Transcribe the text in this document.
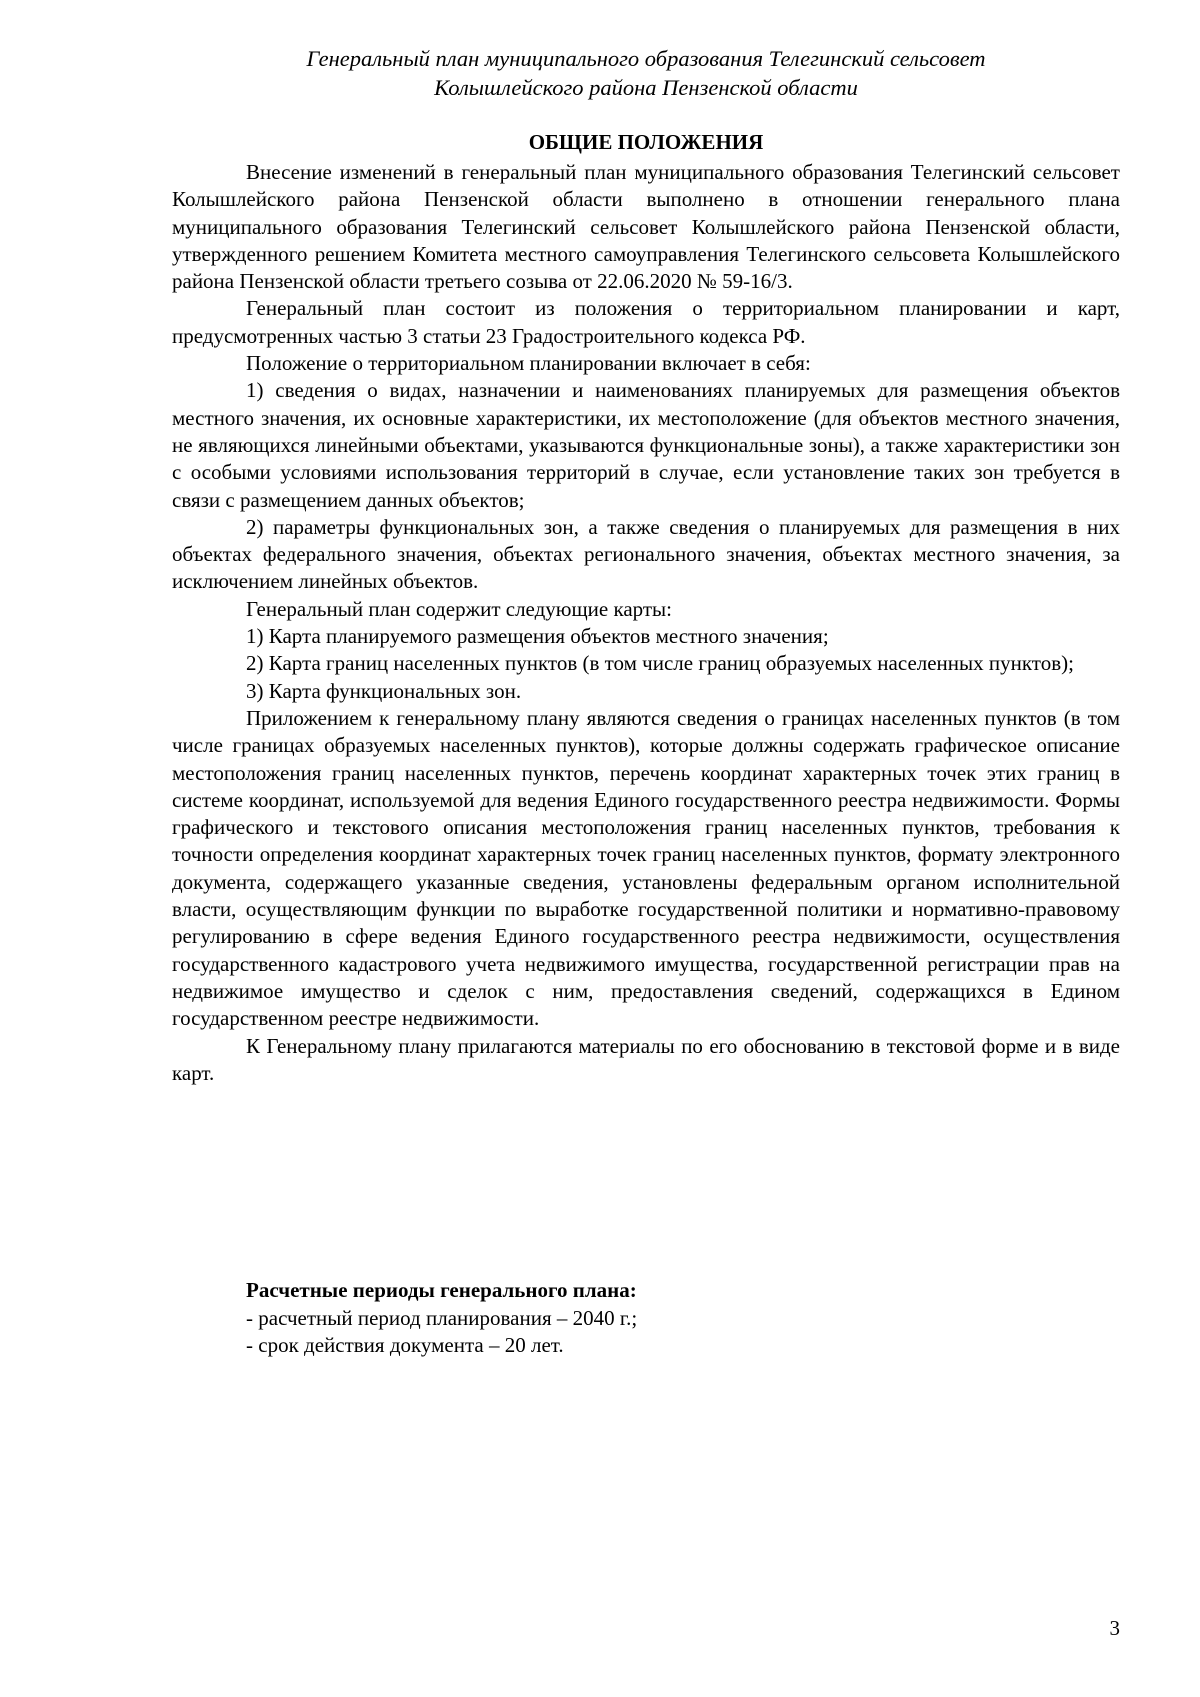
Генеральный план муниципального образования Телегинский сельсовет
Колышлейского района Пензенской области
ОБЩИЕ ПОЛОЖЕНИЯ

Внесение изменений в генеральный план муниципального образования Телегинский сельсовет Колышлейского района Пензенской области выполнено в отношении генерального плана муниципального образования Телегинский сельсовет Колышлейского района Пензенской области, утвержденного решением Комитета местного самоуправления Телегинского сельсовета Колышлейского района Пензенской области третьего созыва от 22.06.2020 № 59-16/3.

Генеральный план состоит из положения о территориальном планировании и карт, предусмотренных частью 3 статьи 23 Градостроительного кодекса РФ.

Положение о территориальном планировании включает в себя:

1) сведения о видах, назначении и наименованиях планируемых для размещения объектов местного значения, их основные характеристики, их местоположение (для объектов местного значения, не являющихся линейными объектами, указываются функциональные зоны), а также характеристики зон с особыми условиями использования территорий в случае, если установление таких зон требуется в связи с размещением данных объектов;

2) параметры функциональных зон, а также сведения о планируемых для размещения в них объектах федерального значения, объектах регионального значения, объектах местного значения, за исключением линейных объектов.

Генеральный план содержит следующие карты:

1) Карта планируемого размещения объектов местного значения;

2) Карта границ населенных пунктов (в том числе границ образуемых населенных пунктов);

3) Карта функциональных зон.

Приложением к генеральному плану являются сведения о границах населенных пунктов (в том числе границах образуемых населенных пунктов), которые должны содержать графическое описание местоположения границ населенных пунктов, перечень координат характерных точек этих границ в системе координат, используемой для ведения Единого государственного реестра недвижимости. Формы графического и текстового описания местоположения границ населенных пунктов, требования к точности определения координат характерных точек границ населенных пунктов, формату электронного документа, содержащего указанные сведения, установлены федеральным органом исполнительной власти, осуществляющим функции по выработке государственной политики и нормативно-правовому регулированию в сфере ведения Единого государственного реестра недвижимости, осуществления государственного кадастрового учета недвижимого имущества, государственной регистрации прав на недвижимое имущество и сделок с ним, предоставления сведений, содержащихся в Едином государственном реестре недвижимости.

К Генеральному плану прилагаются материалы по его обоснованию в текстовой форме и в виде карт.

Расчетные периоды генерального плана:
- расчетный период планирования – 2040 г.;
- срок действия документа – 20 лет.
3
